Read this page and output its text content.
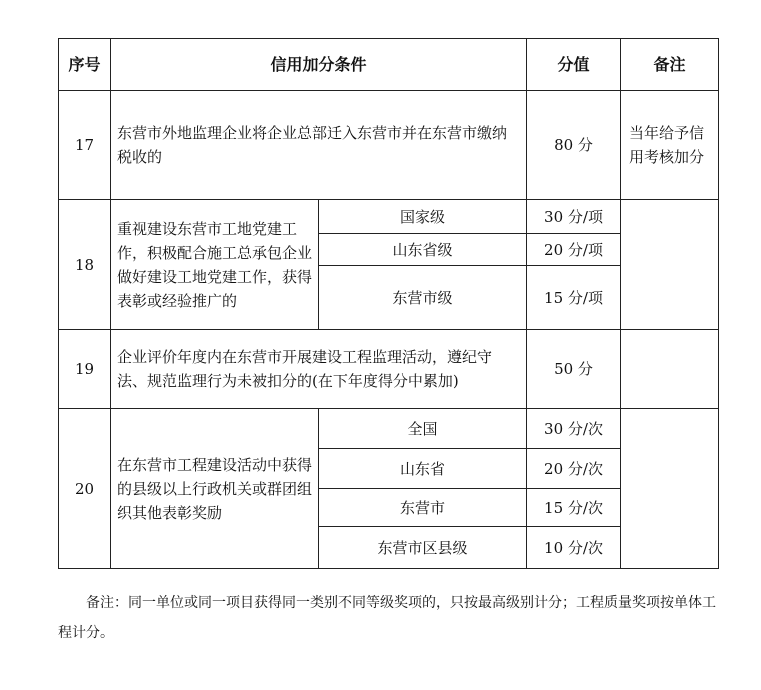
序号	信用加分条件		分值	备注
17	东营市外地监理企业将企业总部迁入东营市并在东营市缴纳税收的		80 分	当年给予信用考核加分
18	重视建设东营市工地党建工作，积极配合施工总承包企业做好建设工地党建工作，获得表彰或经验推广的	国家级	30 分/项	
		山东省级	20 分/项	
		东营市级	15 分/项	
19	企业评价年度内在东营市开展建设工程监理活动，遵纪守法、规范监理行为未被扣分的(在下年度得分中累加)		50 分	
20	在东营市工程建设活动中获得的县级以上行政机关或群团组织其他表彰奖励	全国	30 分/次	
		山东省	20 分/次	
		东营市	15 分/次	
		东营市区县级	10 分/次	
备注：同一单位或同一项目获得同一类别不同等级奖项的，只按最高级别计分；工程质量奖项按单体工程计分。
